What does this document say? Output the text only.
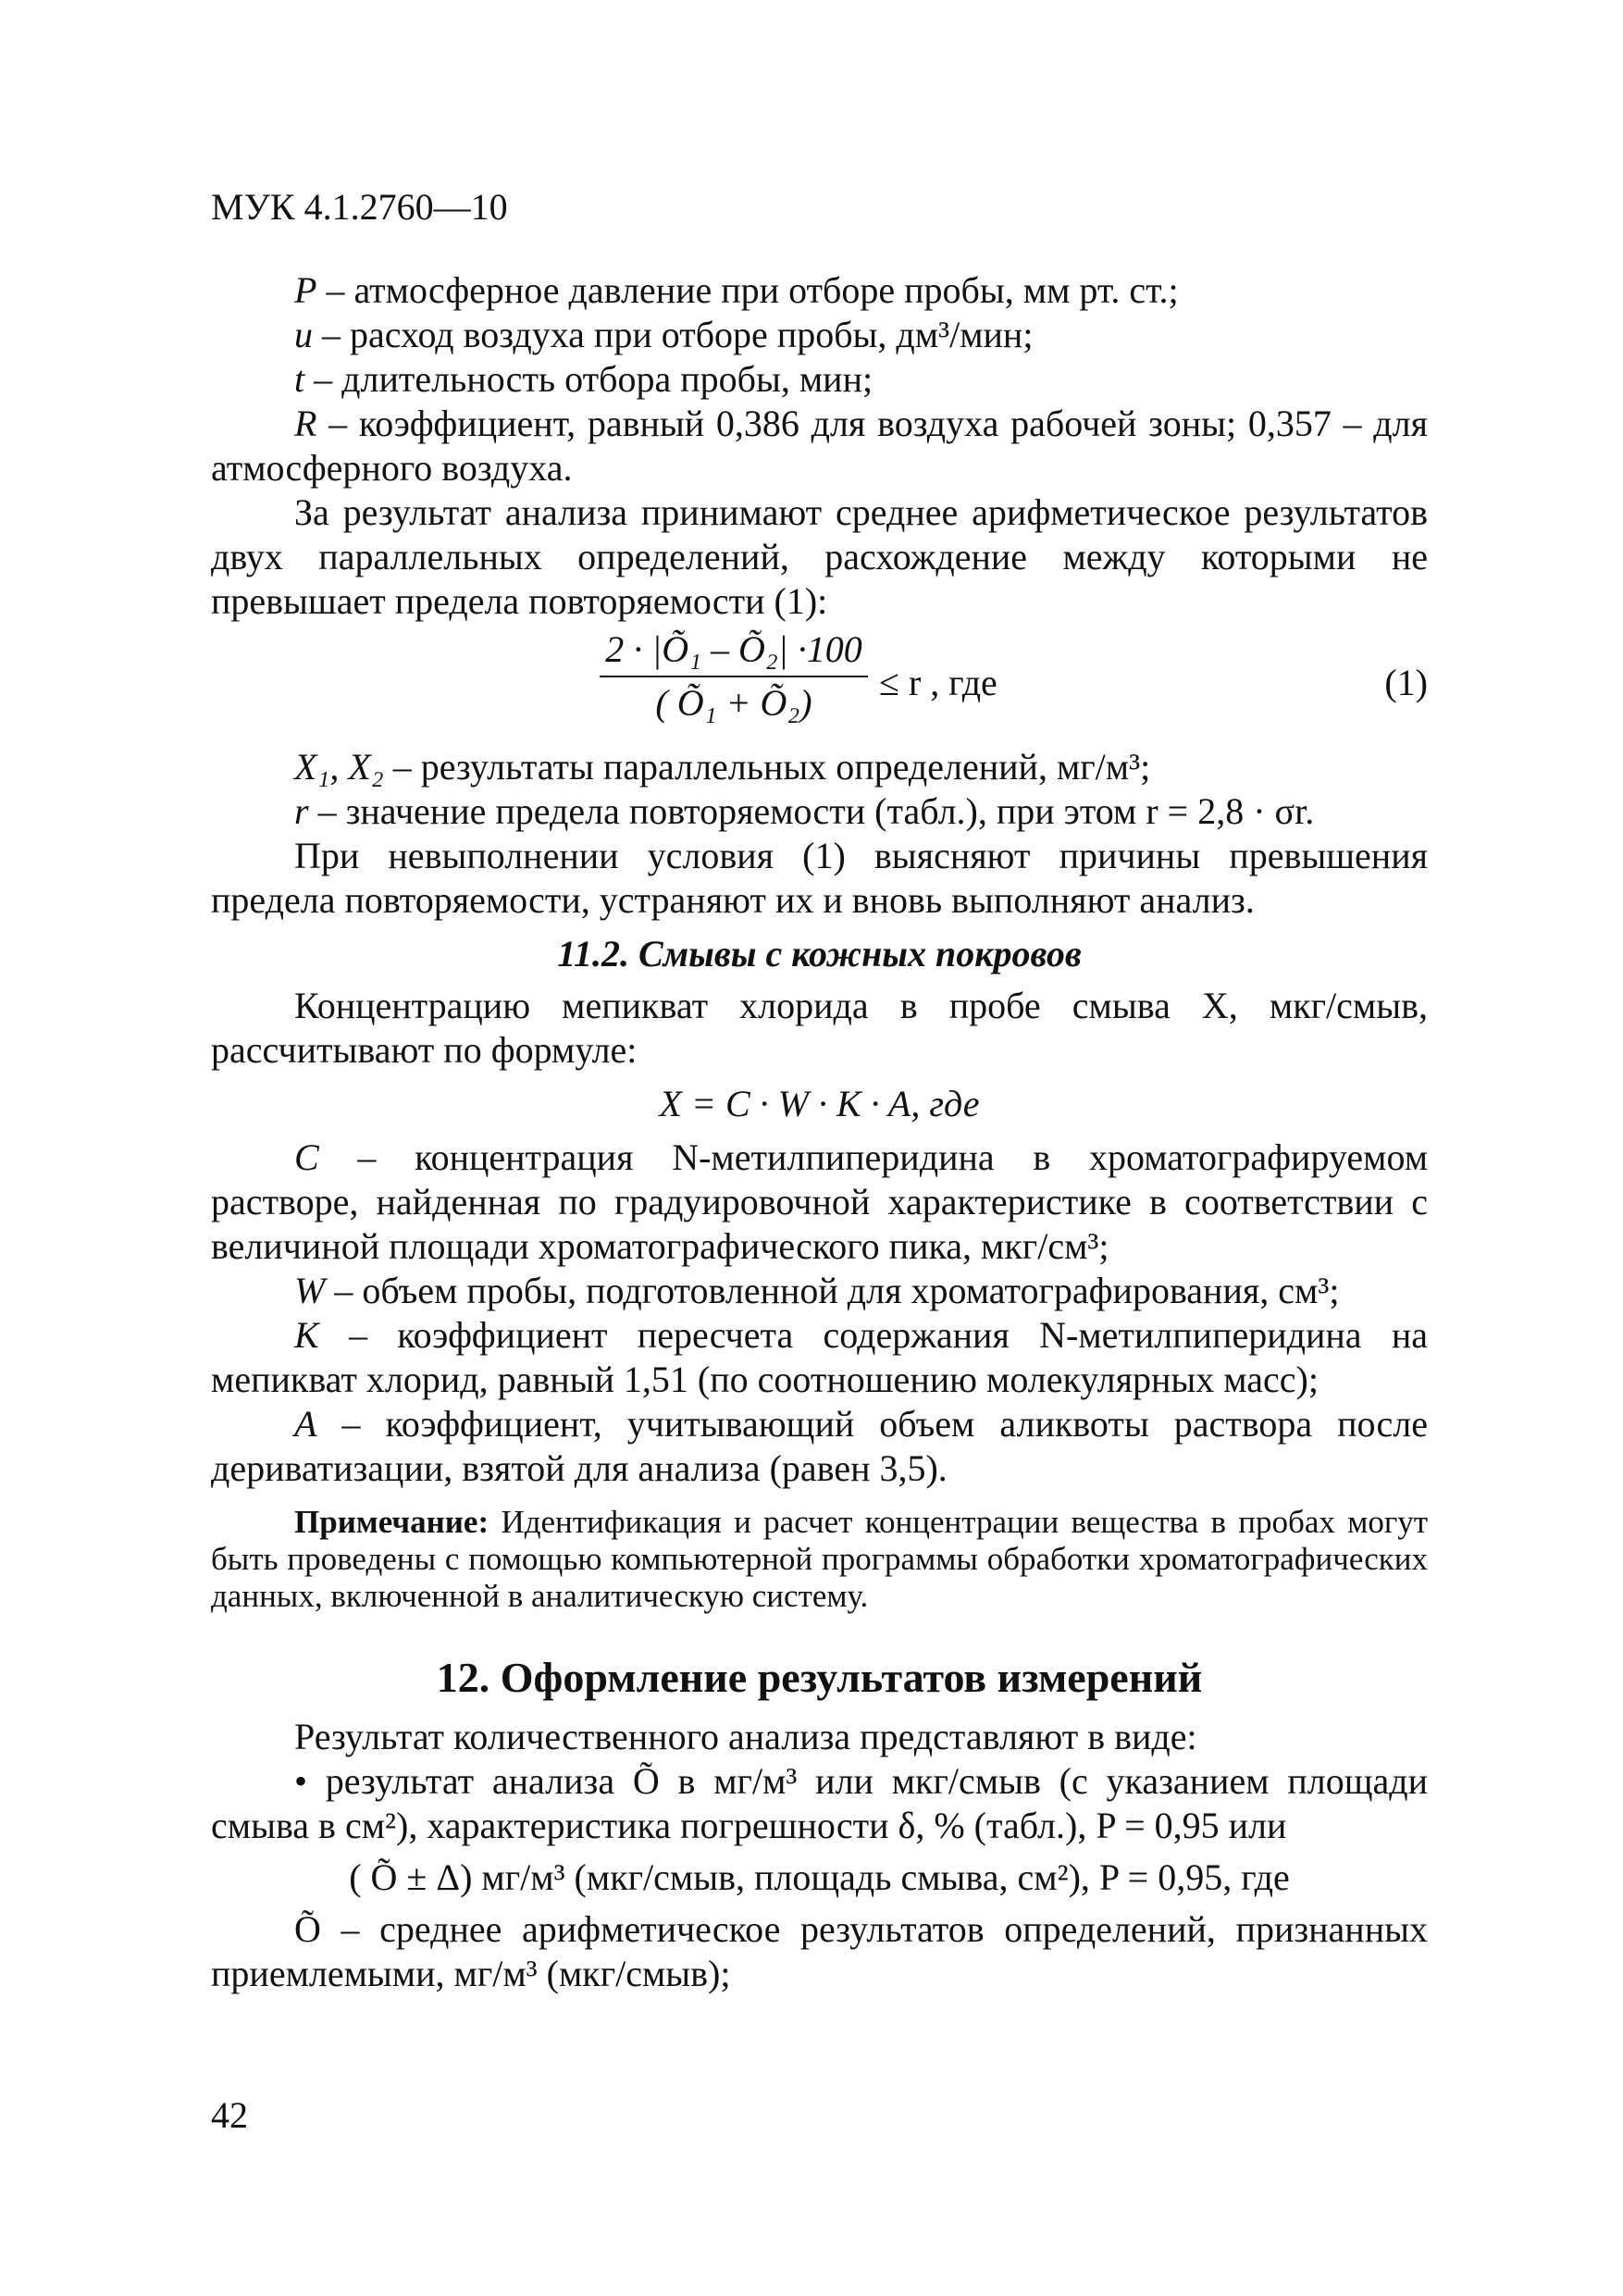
МУК 4.1.2760—10

P – атмосферное давление при отборе пробы, мм рт. ст.;

u – расход воздуха при отборе пробы, дм³/мин;

t – длительность отбора пробы, мин;

R – коэффициент, равный 0,386 для воздуха рабочей зоны; 0,357 – для атмосферного воздуха.

За результат анализа принимают среднее арифметическое результатов двух параллельных определений, расхождение между которыми не превышает предела повторяемости (1):

$\frac{\text{2 · |Õ₁ – Õ₂| ·100}}{\text{( Õ₁ + Õ₂)}} \le r$ , где	(1)

X₁, X₂ – результаты параллельных определений, мг/м³;

r – значение предела повторяемости (табл.), при этом r = 2,8 · σr.

При невыполнении условия (1) выясняют причины превышения предела повторяемости, устраняют их и вновь выполняют анализ.

11.2. Смывы с кожных покровов

Концентрацию мепикват хлорида в пробе смыва X, мкг/смыв, рассчитывают по формуле:

X = C · W · K · A, где

C – концентрация N-метилпиперидина в хроматографируемом растворе, найденная по градуировочной характеристике в соответствии с величиной площади хроматографического пика, мкг/см³;

W – объем пробы, подготовленной для хроматографирования, см³;

K – коэффициент пересчета содержания N-метилпиперидина на мепикват хлорид, равный 1,51 (по соотношению молекулярных масс);

A – коэффициент, учитывающий объем аликвоты раствора после дериватизации, взятой для анализа (равен 3,5).

Примечание: Идентификация и расчет концентрации вещества в пробах могут быть проведены с помощью компьютерной программы обработки хроматографических данных, включенной в аналитическую систему.

12. Оформление результатов измерений

Результат количественного анализа представляют в виде:

• результат анализа Õ в мг/м³ или мкг/смыв (с указанием площади смыва в см²), характеристика погрешности δ, % (табл.), P = 0,95 или

( Õ ± Δ) мг/м³ (мкг/смыв, площадь смыва, см²), P = 0,95, где

Õ – среднее арифметическое результатов определений, признанных приемлемыми, мг/м³ (мкг/смыв);

42
